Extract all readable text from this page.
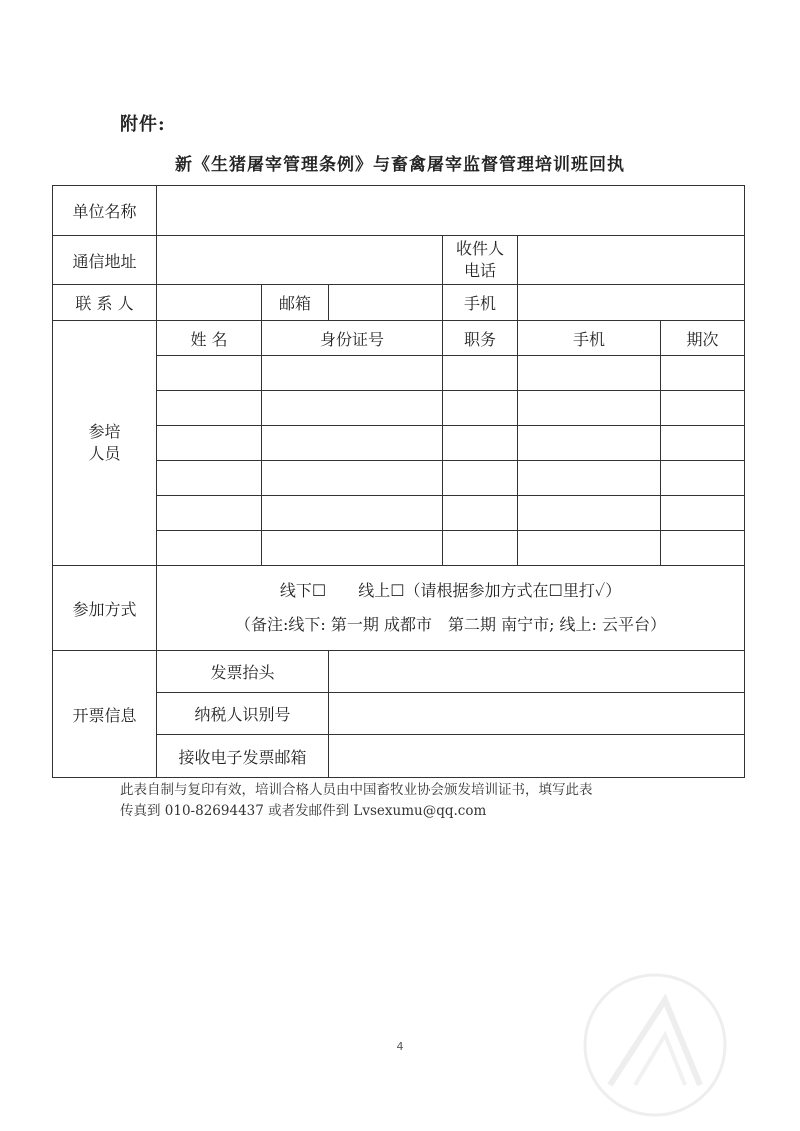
附件:
新《生猪屠宰管理条例》与畜禽屠宰监督管理培训班回执
单位名称						
通信地址				收件人
电话		

联 系 人		邮箱		手机		

参培
人员	姓 名	身份证号		职务	手机	期次

参加方式	线下☐　　线上☐（请根据参加方式在☐里打✓）
（备注:线下: 第一期 成都市　第二期 南宁市; 线上: 云平台）					

开票信息	发票抬头					
	纳税人识别号					
	接收电子发票邮箱					
此表自制与复印有效，培训合格人员由中国畜牧业协会颁发培训证书，填写此表
传真到 010-82694437 或者发邮件到 Lvsexumu@qq.com
4
